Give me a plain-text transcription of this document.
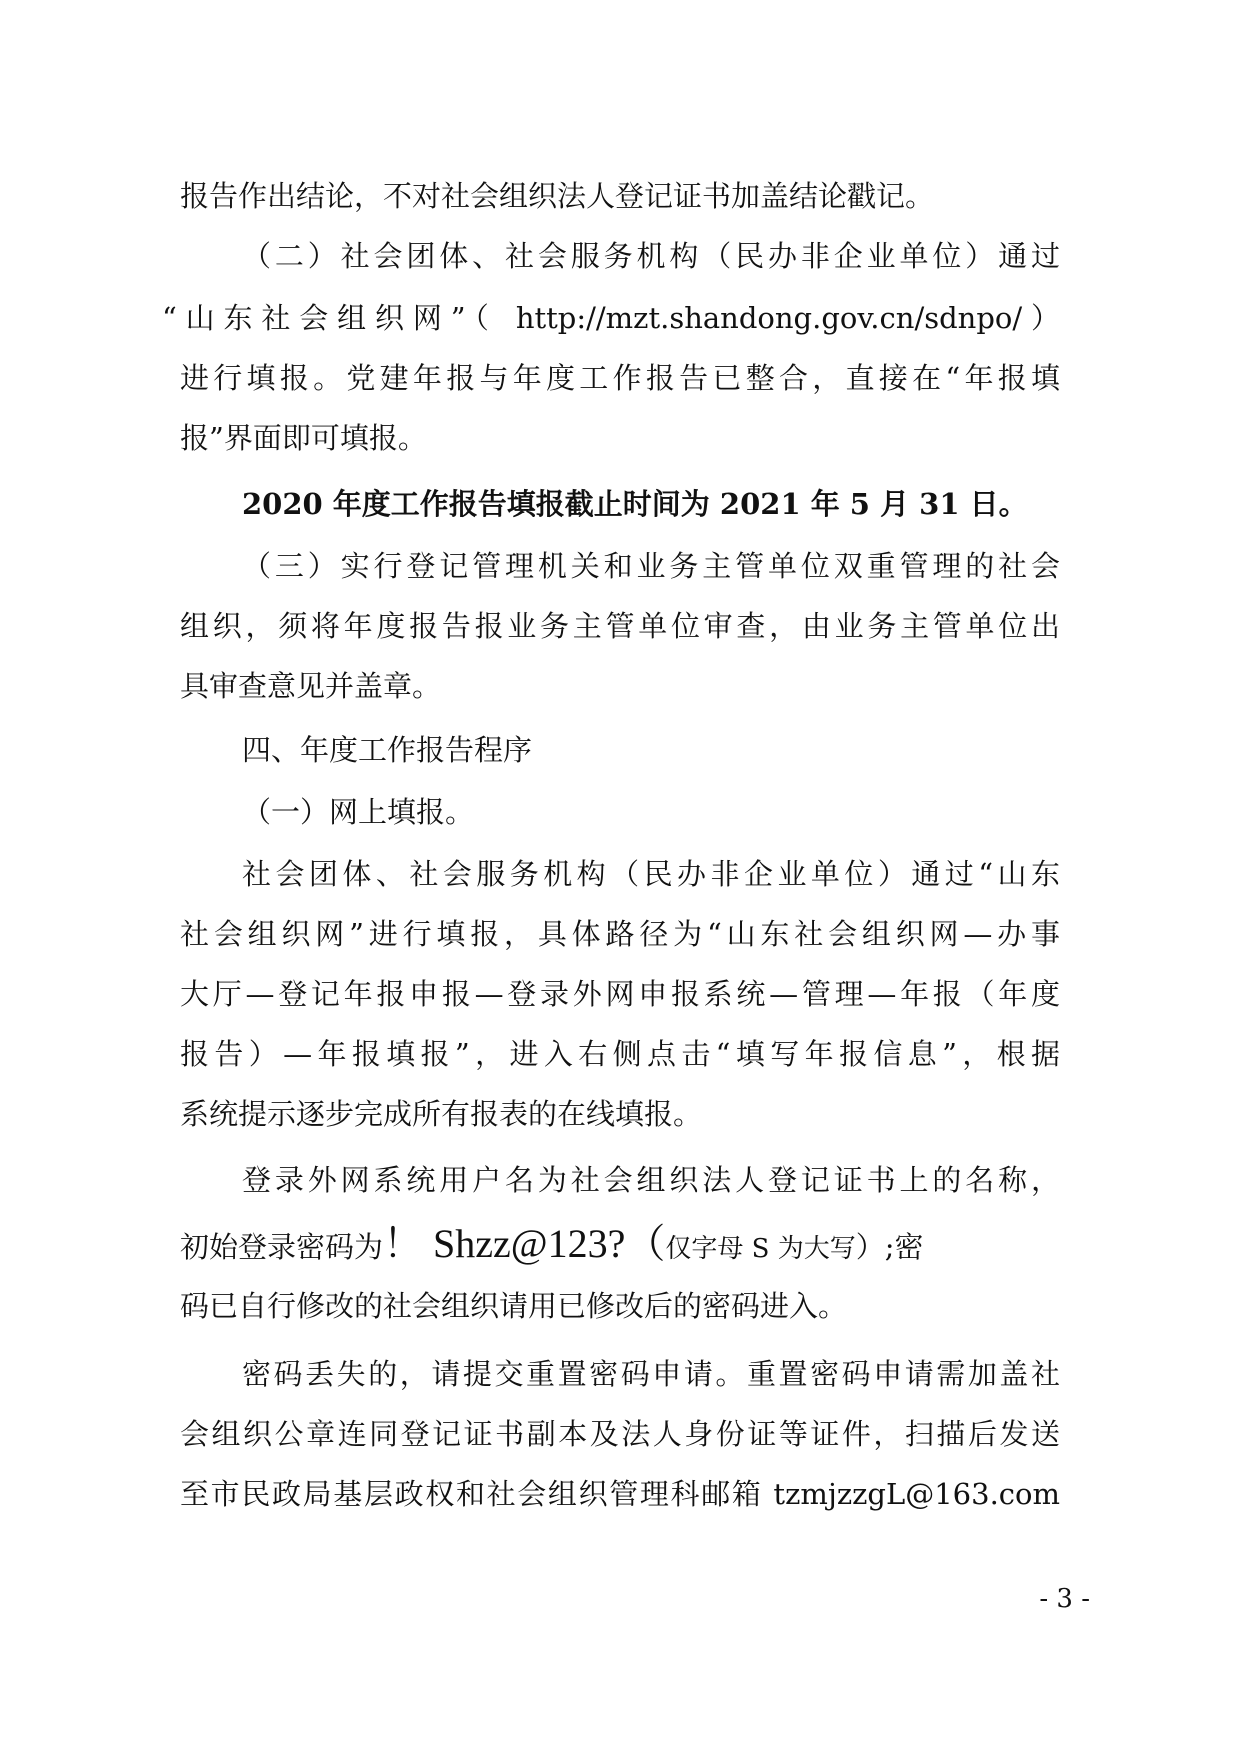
报告作出结论，不对社会组织法人登记证书加盖结论戳记。
（二）社会团体、社会服务机构（民办非企业单位）通过
“山东社会组织网”（ http://mzt.shandong.gov.cn/sdnpo/）
进行填报。党建年报与年度工作报告已整合，直接在“年报填
报”界面即可填报。
2020 年度工作报告填报截止时间为 2021 年 5 月 31 日。
（三）实行登记管理机关和业务主管单位双重管理的社会
组织，须将年度报告报业务主管单位审查，由业务主管单位出
具审查意见并盖章。
四、年度工作报告程序
（一）网上填报。
社会团体、社会服务机构（民办非企业单位）通过“山东
社会组织网”进行填报，具体路径为“山东社会组织网—办事
大厅—登记年报申报—登录外网申报系统—管理—年报（年度
报告）—年报填报”，进入右侧点击“填写年报信息”，根据
系统提示逐步完成所有报表的在线填报。
登录外网系统用户名为社会组织法人登记证书上的名称，
初始登录密码为！ Shzz@123?（仅字母 S 为大写）;密
码已自行修改的社会组织请用已修改后的密码进入。
密码丢失的，请提交重置密码申请。重置密码申请需加盖社
会组织公章连同登记证书副本及法人身份证等证件，扫描后发送
至市民政局基层政权和社会组织管理科邮箱 tzmjzzgL@163.com
- 3 -
